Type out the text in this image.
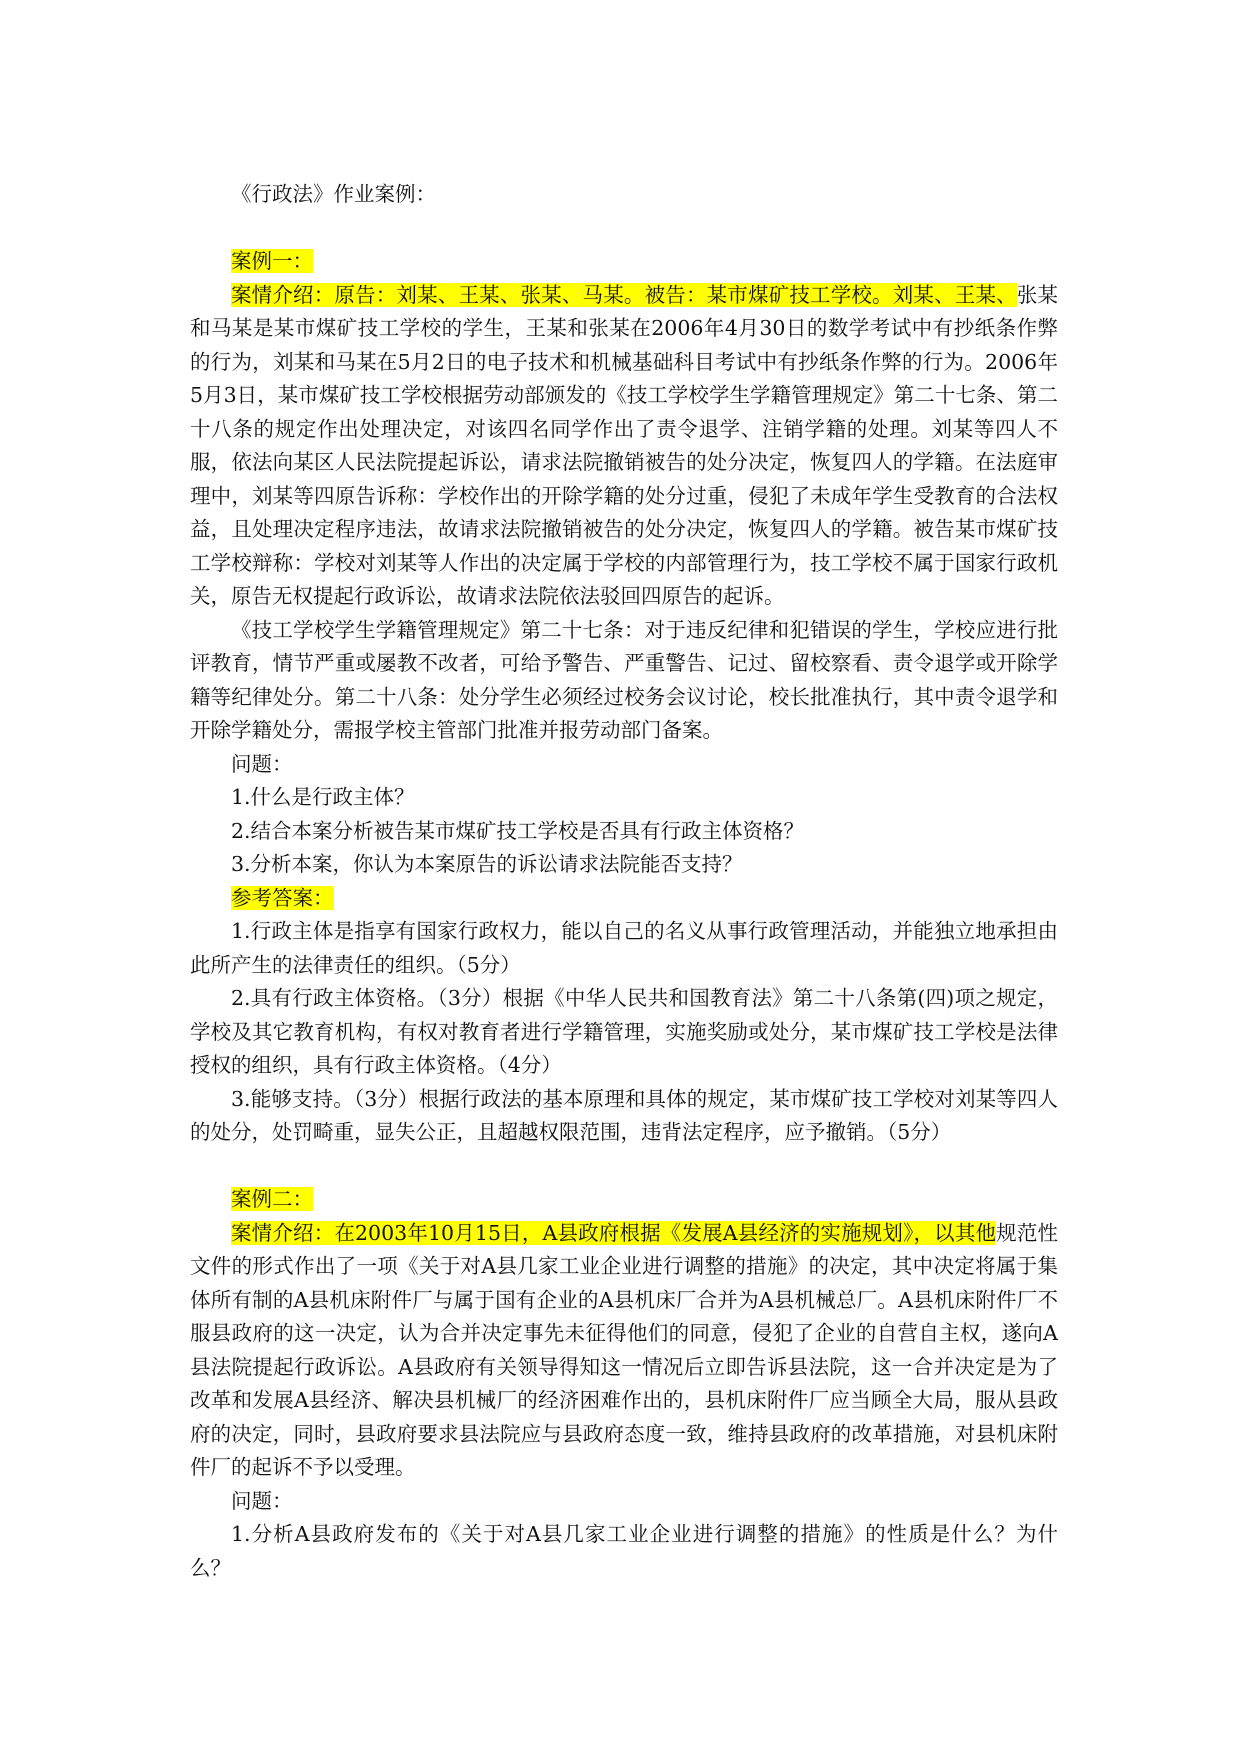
《行政法》作业案例：

案例一：

案情介绍：原告：刘某、王某、张某、马某。被告：某市煤矿技工学校。刘某、王某、张某和马某是某市煤矿技工学校的学生，王某和张某在2006年4月30日的数学考试中有抄纸条作弊的行为，刘某和马某在5月2日的电子技术和机械基础科目考试中有抄纸条作弊的行为。2006年5月3日，某市煤矿技工学校根据劳动部颁发的《技工学校学生学籍管理规定》第二十七条、第二十八条的规定作出处理决定，对该四名同学作出了责令退学、注销学籍的处理。刘某等四人不服，依法向某区人民法院提起诉讼，请求法院撤销被告的处分决定，恢复四人的学籍。在法庭审理中，刘某等四原告诉称：学校作出的开除学籍的处分过重，侵犯了未成年学生受教育的合法权益，且处理决定程序违法，故请求法院撤销被告的处分决定，恢复四人的学籍。被告某市煤矿技工学校辩称：学校对刘某等人作出的决定属于学校的内部管理行为，技工学校不属于国家行政机关，原告无权提起行政诉讼，故请求法院依法驳回四原告的起诉。

《技工学校学生学籍管理规定》第二十七条：对于违反纪律和犯错误的学生，学校应进行批评教育，情节严重或屡教不改者，可给予警告、严重警告、记过、留校察看、责令退学或开除学籍等纪律处分。第二十八条：处分学生必须经过校务会议讨论，校长批准执行，其中责令退学和开除学籍处分，需报学校主管部门批准并报劳动部门备案。

问题：

1.什么是行政主体？

2.结合本案分析被告某市煤矿技工学校是否具有行政主体资格？

3.分析本案，你认为本案原告的诉讼请求法院能否支持？

参考答案：

1.行政主体是指享有国家行政权力，能以自己的名义从事行政管理活动，并能独立地承担由此所产生的法律责任的组织。（5分）

2.具有行政主体资格。（3分）根据《中华人民共和国教育法》第二十八条第(四)项之规定，学校及其它教育机构，有权对教育者进行学籍管理，实施奖励或处分，某市煤矿技工学校是法律授权的组织，具有行政主体资格。（4分）

3.能够支持。（3分）根据行政法的基本原理和具体的规定，某市煤矿技工学校对刘某等四人的处分，处罚畸重，显失公正，且超越权限范围，违背法定程序，应予撤销。（5分）

案例二：

案情介绍：在2003年10月15日，A县政府根据《发展A县经济的实施规划》，以其他规范性文件的形式作出了一项《关于对A县几家工业企业进行调整的措施》的决定，其中决定将属于集体所有制的A县机床附件厂与属于国有企业的A县机床厂合并为A县机械总厂。A县机床附件厂不服县政府的这一决定，认为合并决定事先未征得他们的同意，侵犯了企业的自营自主权，遂向A县法院提起行政诉讼。A县政府有关领导得知这一情况后立即告诉县法院，这一合并决定是为了改革和发展A县经济、解决县机械厂的经济困难作出的，县机床附件厂应当顾全大局，服从县政府的决定，同时，县政府要求县法院应与县政府态度一致，维持县政府的改革措施，对县机床附件厂的起诉不予以受理。

问题：

1.分析A县政府发布的《关于对A县几家工业企业进行调整的措施》的性质是什么？为什么？
